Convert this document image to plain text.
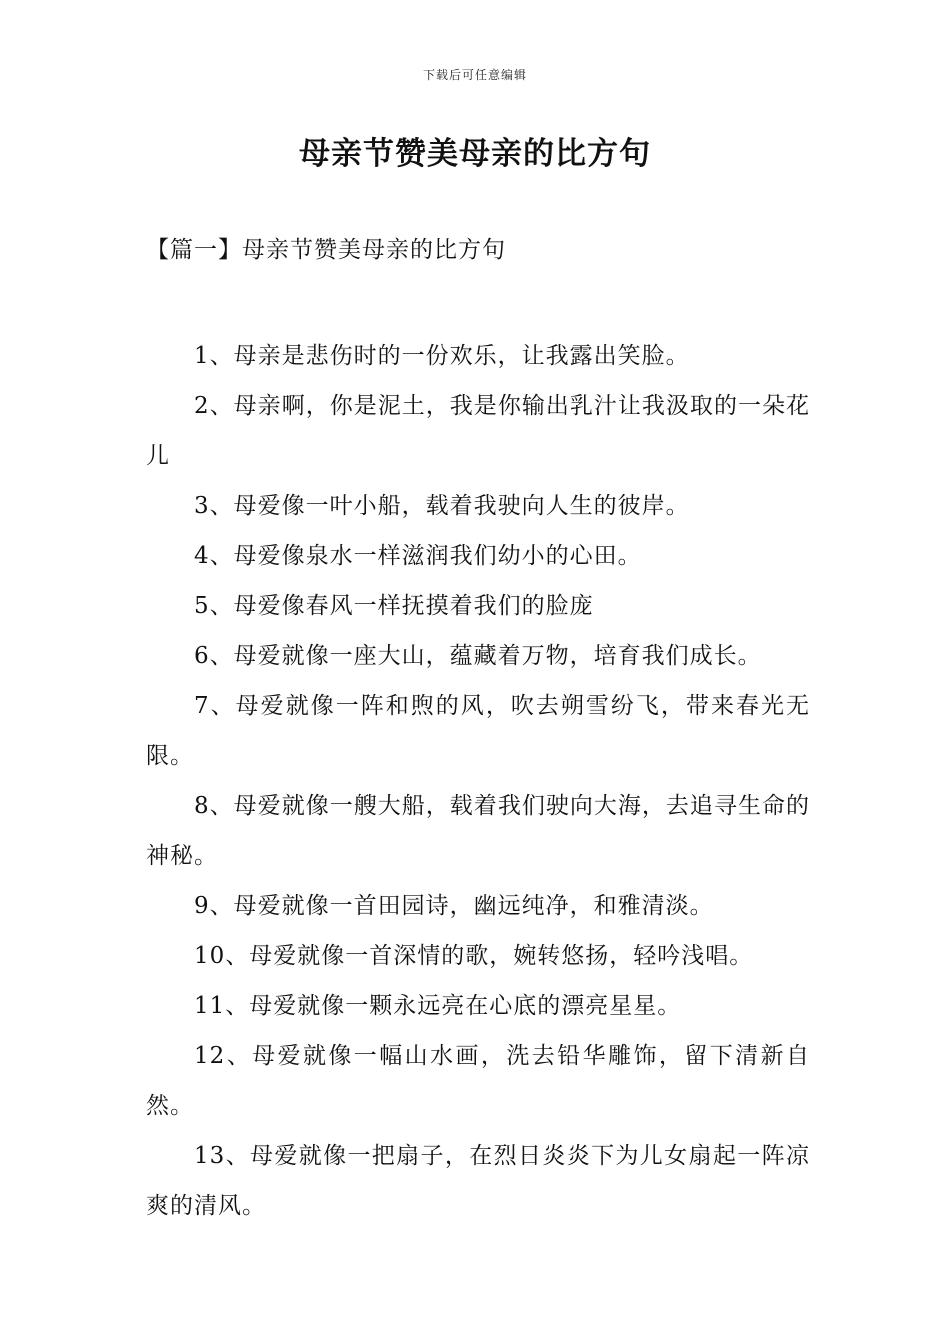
下载后可任意编辑
母亲节赞美母亲的比方句
【篇一】母亲节赞美母亲的比方句

1、母亲是悲伤时的一份欢乐，让我露出笑脸。

2、母亲啊，你是泥土，我是你输出乳汁让我汲取的一朵花儿

3、母爱像一叶小船，载着我驶向人生的彼岸。

4、母爱像泉水一样滋润我们幼小的心田。

5、母爱像春风一样抚摸着我们的脸庞

6、母爱就像一座大山，蕴藏着万物，培育我们成长。

7、母爱就像一阵和煦的风，吹去朔雪纷飞，带来春光无限。

8、母爱就像一艘大船，载着我们驶向大海，去追寻生命的神秘。

9、母爱就像一首田园诗，幽远纯净，和雅清淡。

10、母爱就像一首深情的歌，婉转悠扬，轻吟浅唱。

11、母爱就像一颗永远亮在心底的漂亮星星。

12、母爱就像一幅山水画，洗去铅华雕饰，留下清新自然。

13、母爱就像一把扇子，在烈日炎炎下为儿女扇起一阵凉爽的清风。
